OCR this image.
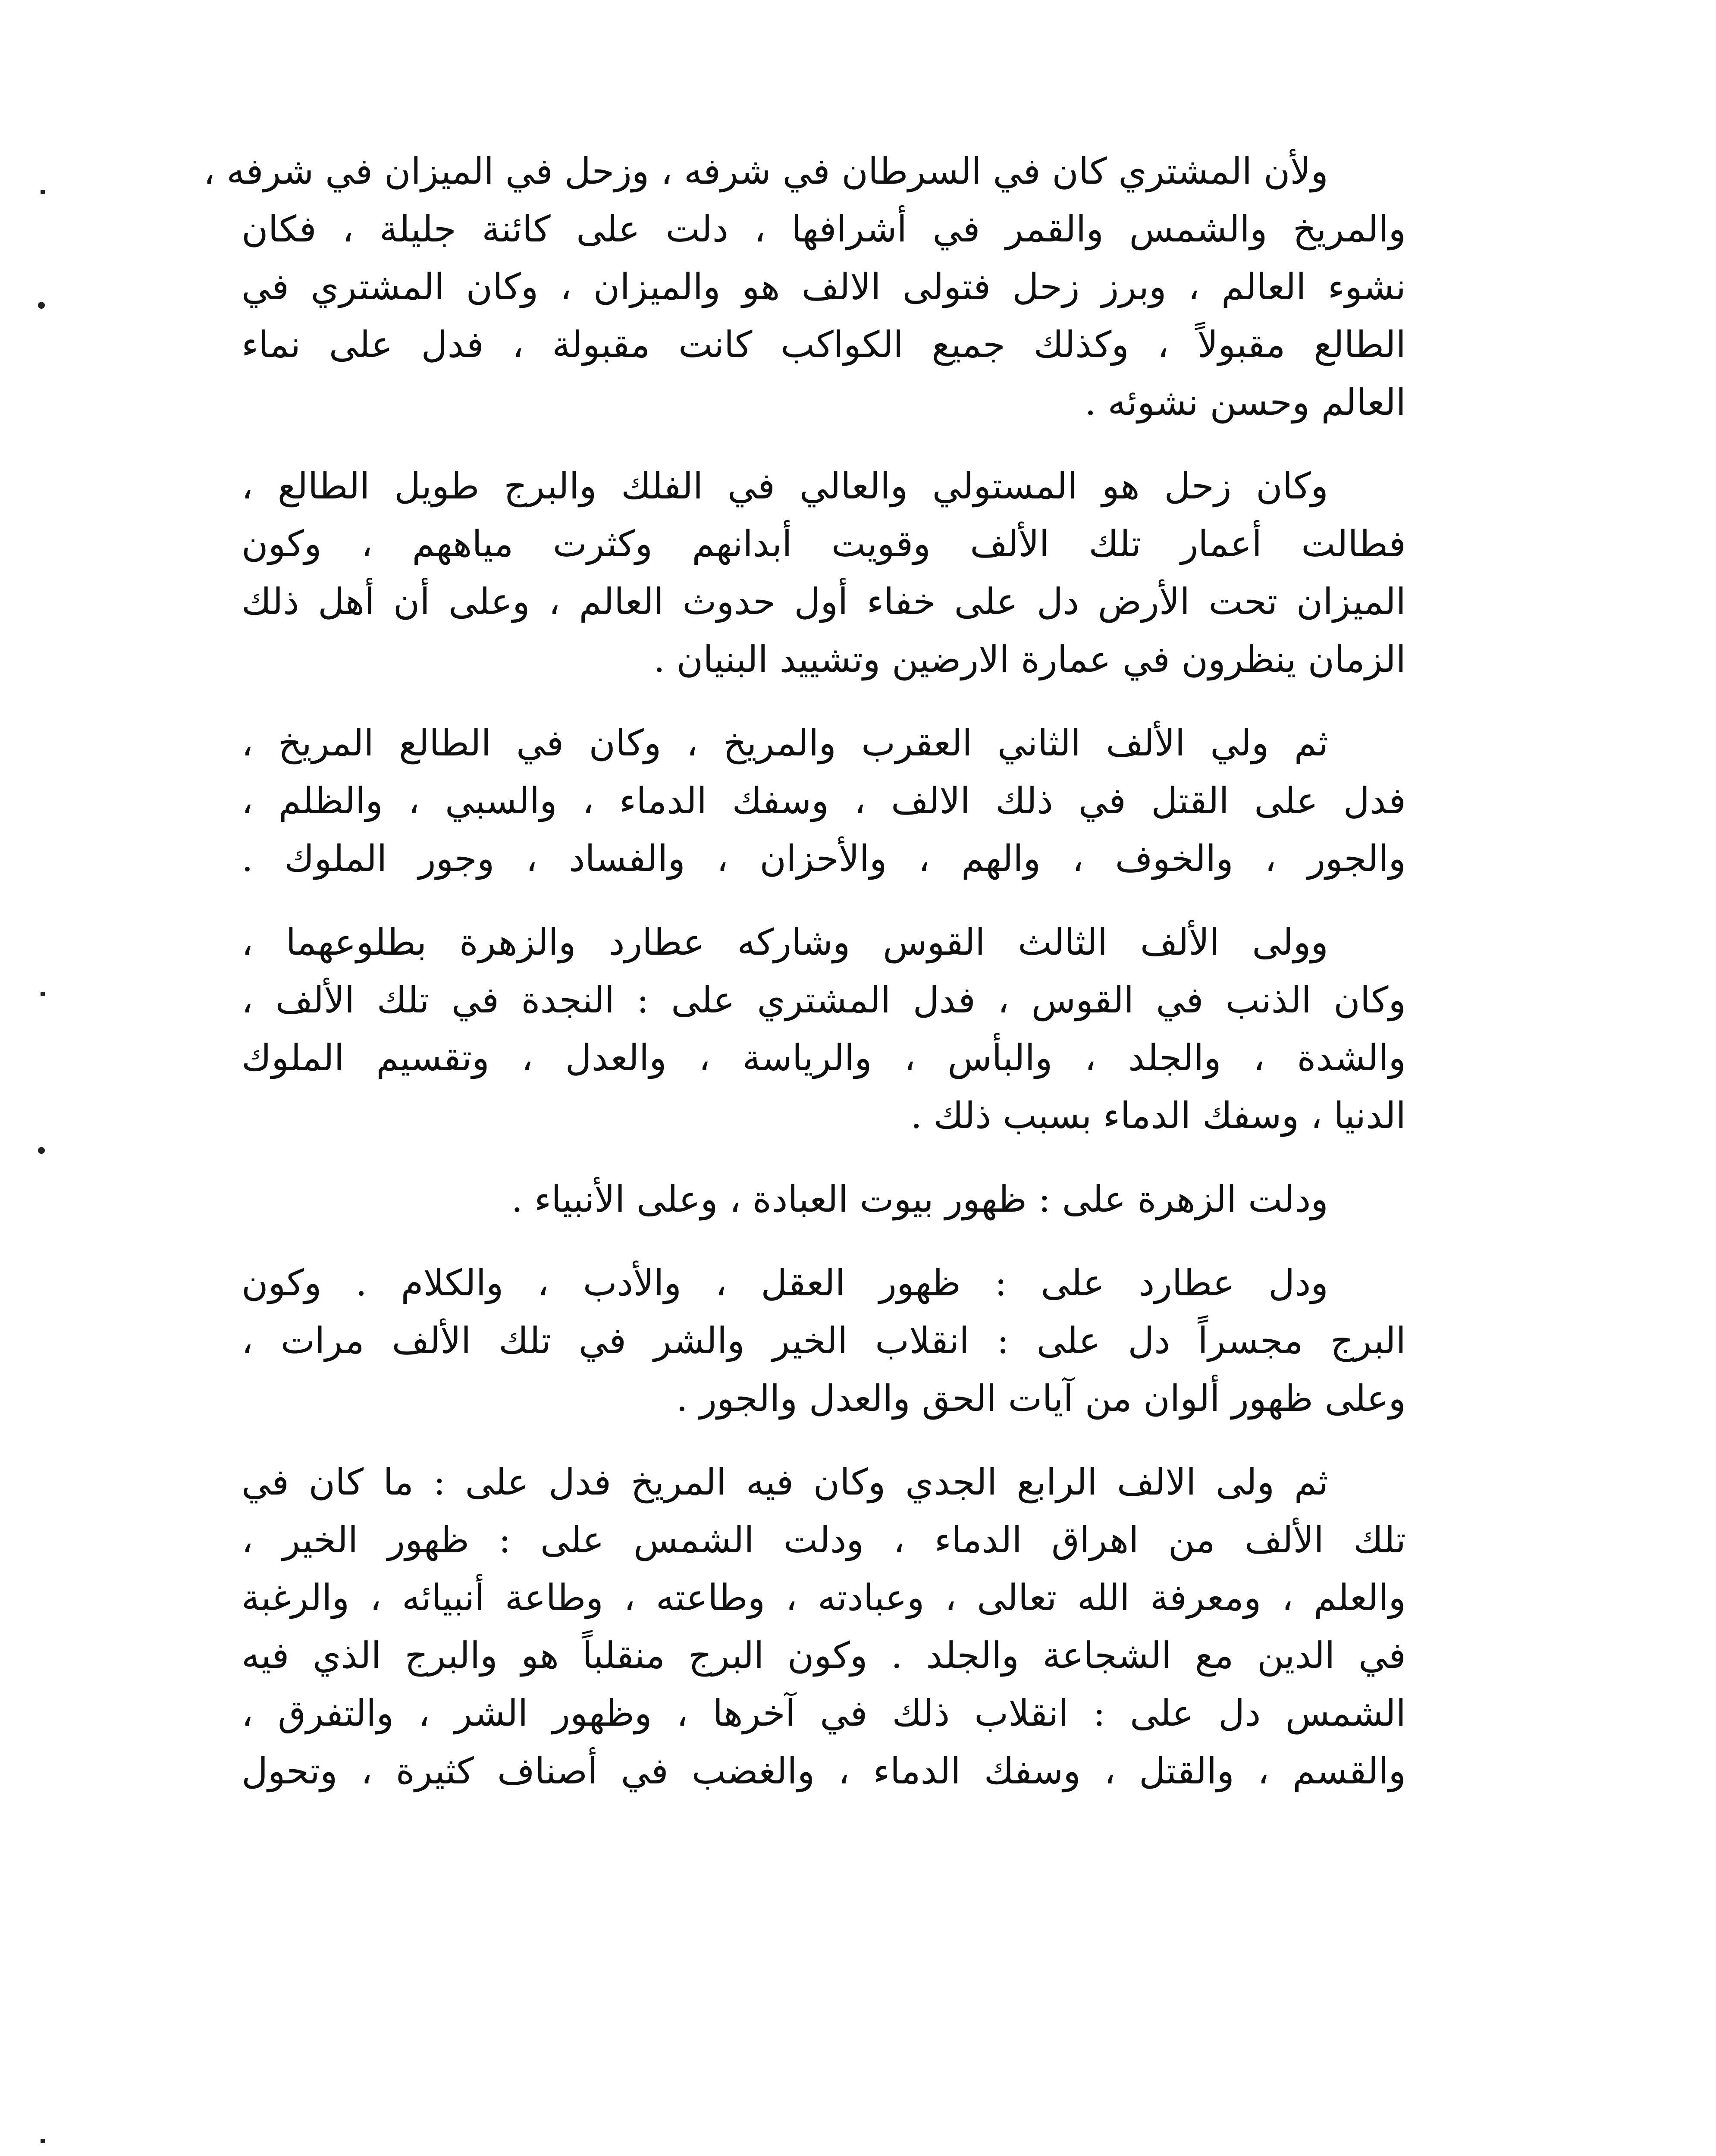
ولأن المشتري كان في السرطان في شرفه ، وزحل في الميزان في شرفه ،
والمريخ والشمس والقمر في أشرافها ، دلت على كائنة جليلة ، فكان
نشوء العالم ، وبرز زحل فتولى الالف هو والميزان ، وكان المشتري في
الطالع مقبولاً ، وكذلك جميع الكواكب كانت مقبولة ، فدل على نماء
العالم وحسن نشوئه .

وكان زحل هو المستولي والعالي في الفلك والبرج طويل الطالع ،
فطالت أعمار تلك الألف وقويت أبدانهم وكثرت مياههم ، وكون
الميزان تحت الأرض دل على خفاء أول حدوث العالم ، وعلى أن أهل ذلك
الزمان ينظرون في عمارة الارضين وتشييد البنيان .

ثم ولي الألف الثاني العقرب والمريخ ، وكان في الطالع المريخ ،
فدل على القتل في ذلك الالف ، وسفك الدماء ، والسبي ، والظلم ،
والجور ، والخوف ، والهم ، والأحزان ، والفساد ، وجور الملوك .

وولى الألف الثالث القوس وشاركه عطارد والزهرة بطلوعهما ،
وكان الذنب في القوس ، فدل المشتري على : النجدة في تلك الألف ،
والشدة ، والجلد ، والبأس ، والرياسة ، والعدل ، وتقسيم الملوك
الدنيا ، وسفك الدماء بسبب ذلك .

ودلت الزهرة على : ظهور بيوت العبادة ، وعلى الأنبياء .

ودل عطارد على : ظهور العقل ، والأدب ، والكلام . وكون
البرج مجسراً دل على : انقلاب الخير والشر في تلك الألف مرات ،
وعلى ظهور ألوان من آيات الحق والعدل والجور .

ثم ولى الالف الرابع الجدي وكان فيه المريخ فدل على : ما كان في
تلك الألف من اهراق الدماء ، ودلت الشمس على : ظهور الخير ،
والعلم ، ومعرفة الله تعالى ، وعبادته ، وطاعته ، وطاعة أنبيائه ، والرغبة
في الدين مع الشجاعة والجلد . وكون البرج منقلباً هو والبرج الذي فيه
الشمس دل على : انقلاب ذلك في آخرها ، وظهور الشر ، والتفرق ،
والقسم ، والقتل ، وسفك الدماء ، والغضب في أصناف كثيرة ، وتحول
